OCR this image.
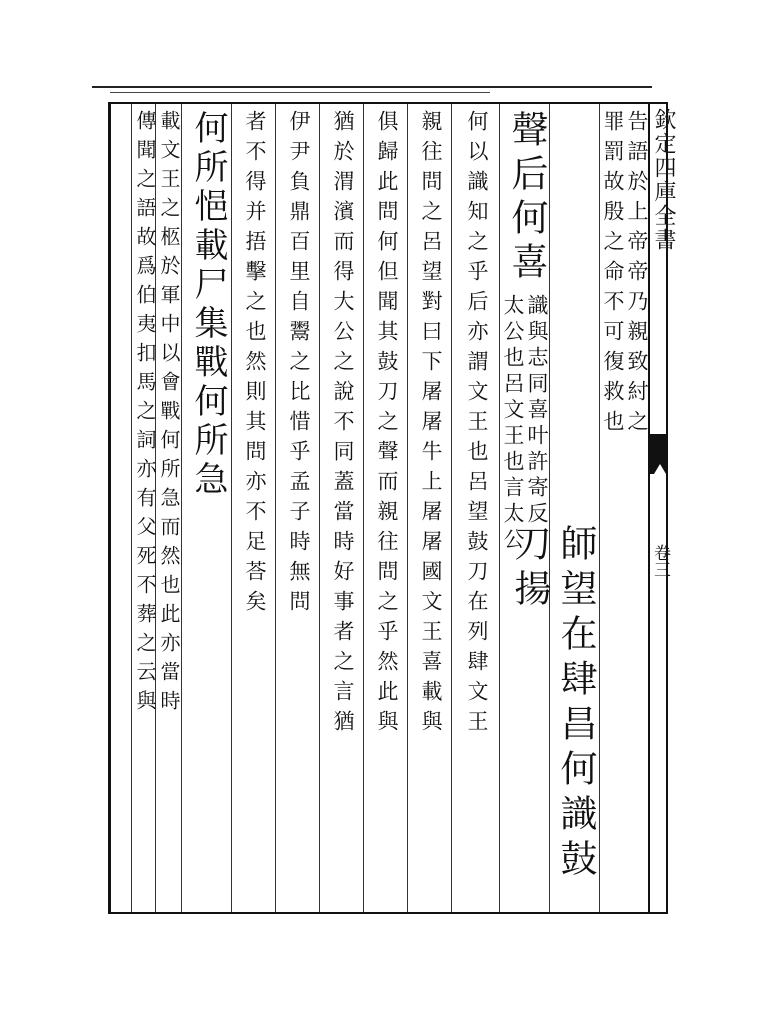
欽定四庫全書
卷三
告語於上帝帝乃親致紂之
罪罰故殷之命不可復救也
師望在肆昌何識鼓刀揚
聲后何喜
識與志同喜叶許寄反
太公也呂文王也言太公
何以識知之乎后亦謂文王也呂望鼓刀在列肆文王
親往問之呂望對曰下屠屠牛上屠屠國文王喜載與
俱歸此問何但聞其鼓刀之聲而親往問之乎然此與
猶於渭濱而得大公之說不同蓋當時好事者之言猶
伊尹負鼎百里自鬻之比惜乎孟子時無問
者不得并捂擊之也然則其問亦不足荅矣
何所悒載尸集戰何所急
載文王之柩於軍中以會戰何所急而然也此亦當時
傳聞之語故爲伯夷扣馬之詞亦有父死不葬之云與
